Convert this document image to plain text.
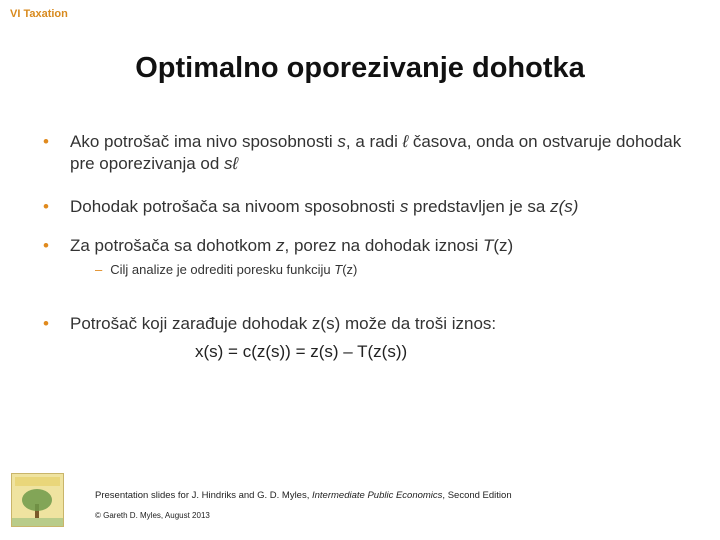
VI Taxation
Optimalno oporezivanje dohotka
• Ako potrošač ima nivo sposobnosti s, a radi ℓ časova, onda on ostvaruje dohodak pre oporezivanja od sℓ
• Dohodak potrošača sa nivoom sposobnosti s predstavljen je sa z(s)
• Za potrošača sa dohotkom z, porez na dohodak iznosi T(z)
– Cilj analize je odrediti poresku funkciju T(z)
• Potrošač koji zarađuje dohodak z(s) može da troši iznos:
x(s) = c(z(s)) = z(s) – T(z(s))
Presentation slides for J. Hindriks and G. D. Myles, Intermediate Public Economics, Second Edition
© Gareth D. Myles, August 2013
